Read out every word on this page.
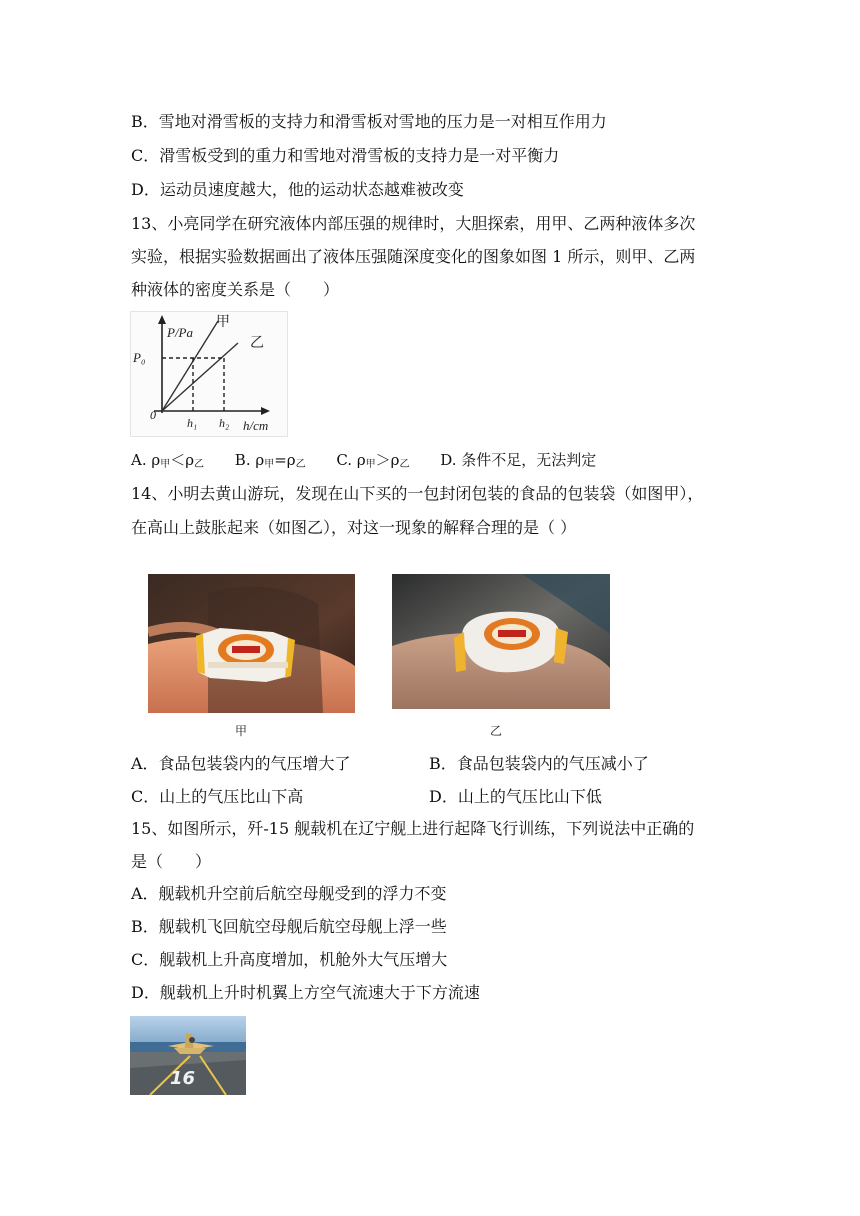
B．雪地对滑雪板的支持力和滑雪板对雪地的压力是一对相互作用力
C．滑雪板受到的重力和雪地对滑雪板的支持力是一对平衡力
D．运动员速度越大，他的运动状态越难被改变
13、小亮同学在研究液体内部压强的规律时，大胆探索，用甲、乙两种液体多次
实验，根据实验数据画出了液体压强随深度变化的图象如图 1 所示，则甲、乙两
种液体的密度关系是（　　）
P/Pa
P₀
0
h₁ h₂ h/cm
甲
乙
A. $\rho_甲<\rho_乙$ B. $\rho_甲=\rho_乙$ C. $\rho_甲>\rho_乙$ D. 条件不足，无法判定
14、小明去黄山游玩，发现在山下买的一包封闭包装的食品的包装袋（如图甲），
在高山上鼓胀起来（如图乙），对这一现象的解释合理的是（ ）
甲	乙
A．食品包装袋内的气压增大了	B．食品包装袋内的气压减小了
C．山上的气压比山下高	D．山上的气压比山下低
15、如图所示，歼-15 舰载机在辽宁舰上进行起降飞行训练，下列说法中正确的
是（　　）
A．舰载机升空前后航空母舰受到的浮力不变
B．舰载机飞回航空母舰后航空母舰上浮一些
C．舰载机上升高度增加，机舱外大气压增大
D．舰载机上升时机翼上方空气流速大于下方流速
16
